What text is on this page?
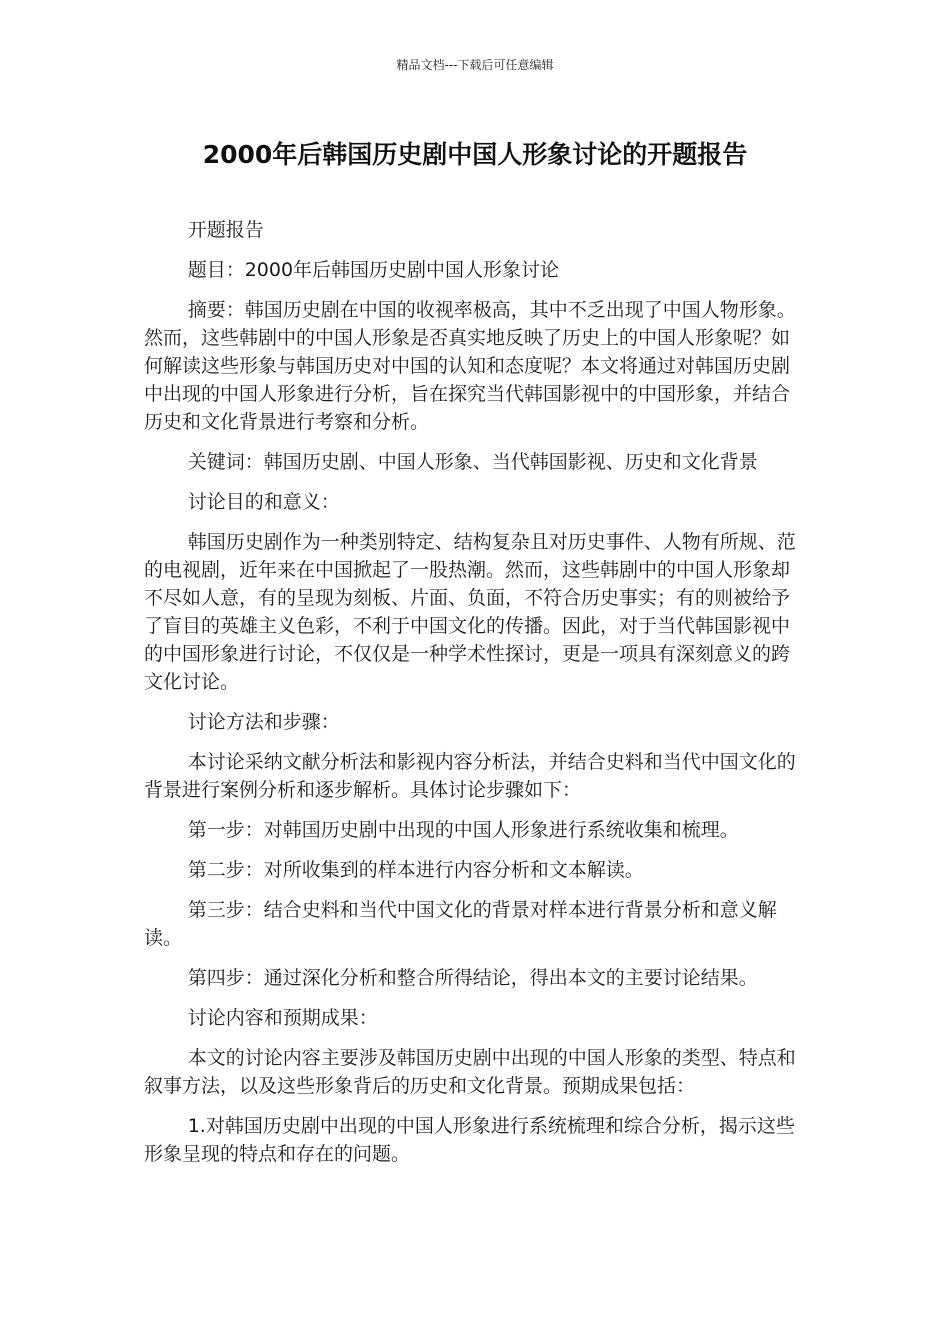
精品文档---下载后可任意编辑

2000年后韩国历史剧中国人形象讨论的开题报告

开题报告

题目：2000年后韩国历史剧中国人形象讨论

摘要：韩国历史剧在中国的收视率极高，其中不乏出现了中国人物形象。然而，这些韩剧中的中国人形象是否真实地反映了历史上的中国人形象呢？如何解读这些形象与韩国历史对中国的认知和态度呢？本文将通过对韩国历史剧中出现的中国人形象进行分析，旨在探究当代韩国影视中的中国形象，并结合历史和文化背景进行考察和分析。

关键词：韩国历史剧、中国人形象、当代韩国影视、历史和文化背景

讨论目的和意义：

韩国历史剧作为一种类别特定、结构复杂且对历史事件、人物有所规、范的电视剧，近年来在中国掀起了一股热潮。然而，这些韩剧中的中国人形象却不尽如人意，有的呈现为刻板、片面、负面，不符合历史事实；有的则被给予了盲目的英雄主义色彩，不利于中国文化的传播。因此，对于当代韩国影视中的中国形象进行讨论，不仅仅是一种学术性探讨，更是一项具有深刻意义的跨文化讨论。

讨论方法和步骤：

本讨论采纳文献分析法和影视内容分析法，并结合史料和当代中国文化的背景进行案例分析和逐步解析。具体讨论步骤如下：

第一步：对韩国历史剧中出现的中国人形象进行系统收集和梳理。

第二步：对所收集到的样本进行内容分析和文本解读。

第三步：结合史料和当代中国文化的背景对样本进行背景分析和意义解读。

第四步：通过深化分析和整合所得结论，得出本文的主要讨论结果。

讨论内容和预期成果：

本文的讨论内容主要涉及韩国历史剧中出现的中国人形象的类型、特点和叙事方法，以及这些形象背后的历史和文化背景。预期成果包括：

1.对韩国历史剧中出现的中国人形象进行系统梳理和综合分析，揭示这些形象呈现的特点和存在的问题。
